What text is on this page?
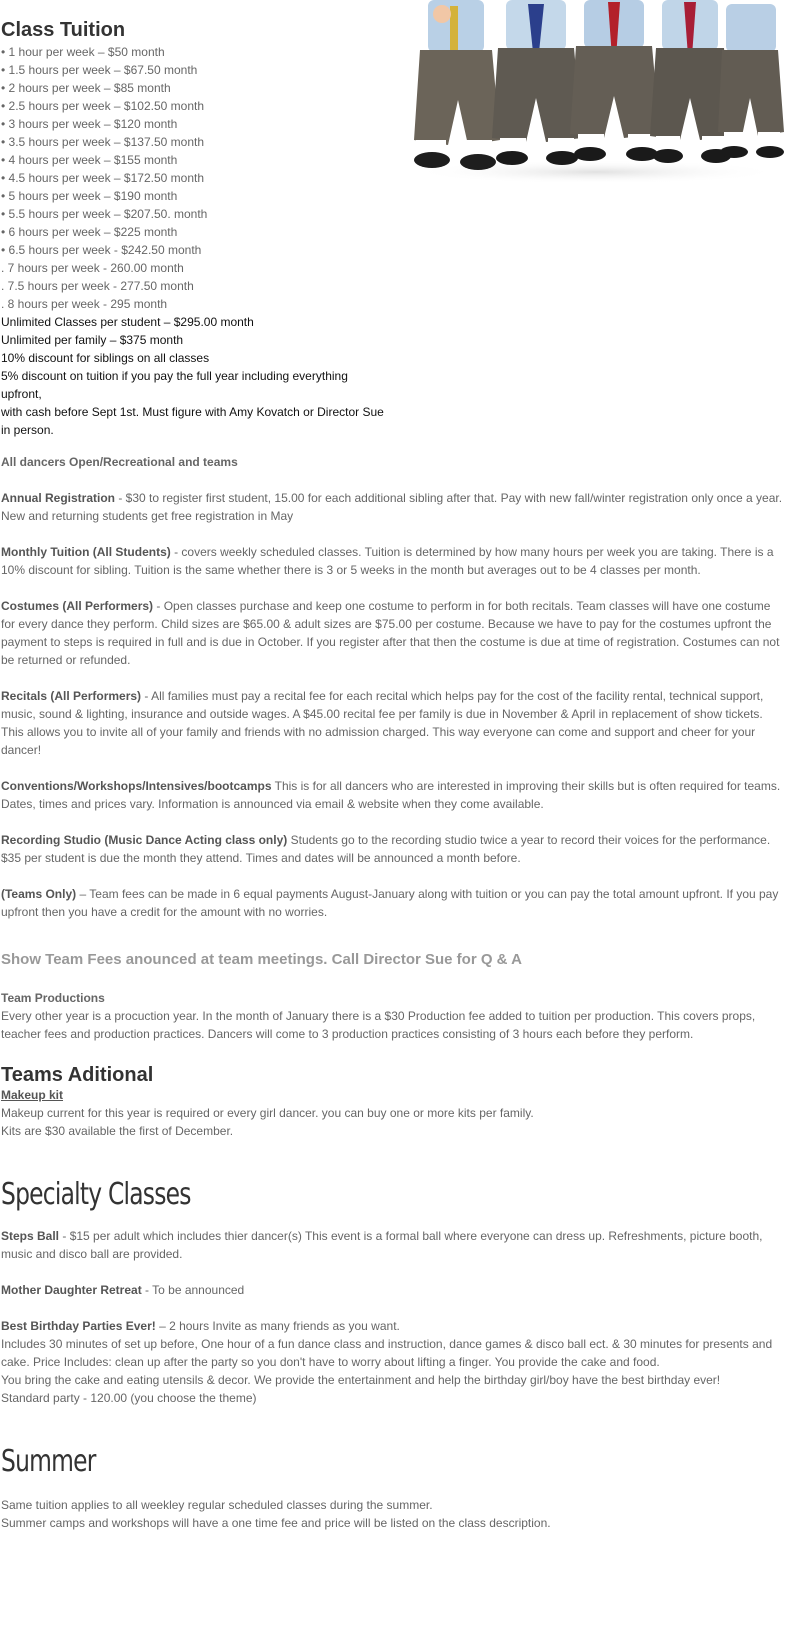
Class Tuition
• 1 hour per week – $50 month
• 1.5 hours per week – $67.50 month
• 2 hours per week – $85 month
• 2.5 hours per week – $102.50 month
• 3 hours per week – $120 month
• 3.5 hours per week – $137.50 month
• 4 hours per week – $155 month
• 4.5 hours per week – $172.50 month
• 5 hours per week – $190 month
• 5.5 hours per week – $207.50. month
• 6 hours per week – $225 month
• 6.5 hours per week - $242.50 month
. 7 hours per week - 260.00 month
. 7.5 hours per week - 277.50 month
. 8 hours per week - 295 month
Unlimited Classes per student – $295.00 month
Unlimited per family – $375 month
10% discount for siblings on all classes
5% discount on tuition if you pay the full year including everything upfront,
with cash before Sept 1st. Must figure with Amy Kovatch or Director Sue in person.

All dancers Open/Recreational and teams

Annual Registration - $30 to register first student, 15.00 for each additional sibling after that. Pay with new fall/winter registration only once a year. New and returning students get free registration in May

Monthly Tuition (All Students) - covers weekly scheduled classes. Tuition is determined by how many hours per week you are taking. There is a 10% discount for sibling. Tuition is the same whether there is 3 or 5 weeks in the month but averages out to be 4 classes per month.

Costumes (All Performers) - Open classes purchase and keep one costume to perform in for both recitals. Team classes will have one costume for every dance they perform. Child sizes are $65.00 & adult sizes are $75.00 per costume. Because we have to pay for the costumes upfront the payment to steps is required in full and is due in October. If you register after that then the costume is due at time of registration. Costumes can not be returned or refunded.

Recitals (All Performers) - All families must pay a recital fee for each recital which helps pay for the cost of the facility rental, technical support, music, sound & lighting, insurance and outside wages. A $45.00 recital fee per family is due in November & April in replacement of show tickets. This allows you to invite all of your family and friends with no admission charged. This way everyone can come and support and cheer for your dancer!

Conventions/Workshops/Intensives/bootcamps This is for all dancers who are interested in improving their skills but is often required for teams. Dates, times and prices vary. Information is announced via email & website when they come available.

Recording Studio (Music Dance Acting class only) Students go to the recording studio twice a year to record their voices for the performance. $35 per student is due the month they attend. Times and dates will be announced a month before.

(Teams Only) – Team fees can be made in 6 equal payments August-January along with tuition or you can pay the total amount upfront. If you pay upfront then you have a credit for the amount with no worries.

Show Team Fees anounced at team meetings. Call Director Sue for Q & A

Team Productions

Every other year is a procuction year. In the month of January there is a $30 Production fee added to tuition per production. This covers props, teacher fees and production practices. Dancers will come to 3 production practices consisting of 3 hours each before they perform.

Teams Aditional

Makeup kit

Makeup current for this year is required or every girl dancer. you can buy one or more kits per family.

Kits are $30 available the first of December.

Specialty Classes

Steps Ball - $15 per adult which includes thier dancer(s) This event is a formal ball where everyone can dress up. Refreshments, picture booth, music and disco ball are provided.

Mother Daughter Retreat - To be announced

Best Birthday Parties Ever! – 2 hours Invite as many friends as you want.

Includes 30 minutes of set up before, One hour of a fun dance class and instruction, dance games & disco ball ect. & 30 minutes for presents and cake. Price Includes: clean up after the party so you don't have to worry about lifting a finger. You provide the cake and food.

You bring the cake and eating utensils & decor. We provide the entertainment and help the birthday girl/boy have the best birthday ever!

Standard party - 120.00 (you choose the theme)

Summer

Same tuition applies to all weekley regular scheduled classes during the summer.

Summer camps and workshops will have a one time fee and price will be listed on the class description.
